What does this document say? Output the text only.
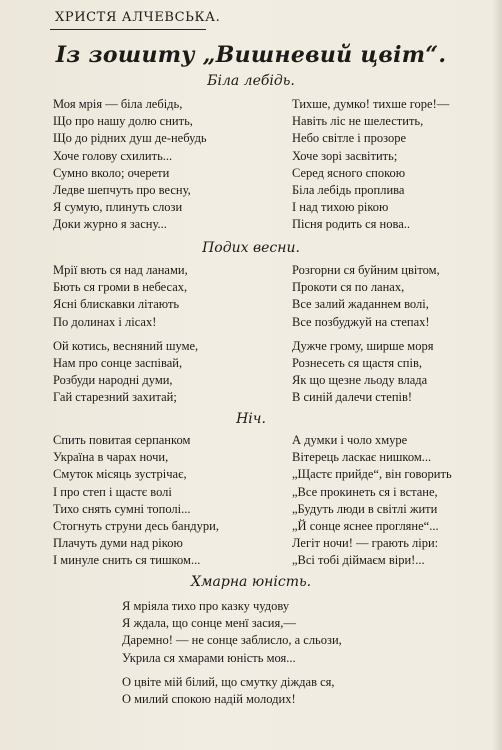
ХРИСТЯ АЛЧЕВСЬКА.
Із зошиту „Вишневий цвіт“.
Біла лебідь.
Моя мрія — біла лебідь,
Що про нашу долю снить,
Що до рідних душ де-небудь
Хоче голову схилить...
Сумно вколо; очерети
Ледве шепчуть про весну,
Я сумую, плинуть слози
Доки журно я засну...
Тихше, думко! тихше горе!—
Навіть ліс не шелестить,
Небо світле і прозоре
Хоче зорі засвітить;
Серед ясного спокою
Біла лебідь проплива
І над тихою рікою
Пісня родить ся нова..
Подих весни.
Мрії вють ся над ланами,
Бють ся громи в небесах,
Ясні блискавки літають
По долинах і лісах!
Ой котись, весняний шуме,
Нам про сонце заспівай,
Розбуди народні думи,
Гай старезний захитай;
Розгорни ся буйним цвітом,
Прокоти ся по ланах,
Все залий жаданнем волі,
Все позбуджуй на степах!
Дужче грому, ширше моря
Рознесеть ся щастя спів,
Як що щезне льоду влада
В синій далечи степів!
Ніч.
Спить повитая серпанком
Україна в чарах ночи,
Смуток місяць зустрічає,
І про степ і щастє волі
Тихо снять сумні тополі...
Стогнуть струни десь бандури,
Плачуть думи над рікою
І минуле снить ся тишком...
А думки і чоло хмуре
Вітерець ласкає нишком...
„Щастє прийде“, він говорить
„Все прокинеть ся і встане,
„Будуть люди в світлі жити
„Й сонце яснее прогляне“...
Легіт ночи! — грають ліри:
„Всі тобі діймаєм віри!...
Хмарна юність.
Я мріяла тихо про казку чудову
Я ждала, що сонце менї засия,—
Даремно! — не сонце заблисло, а сльози,
Укрила ся хмарами юність моя...
О цвіте мій білий, що смутку діждав ся,
О милий спокою надій молодих!
